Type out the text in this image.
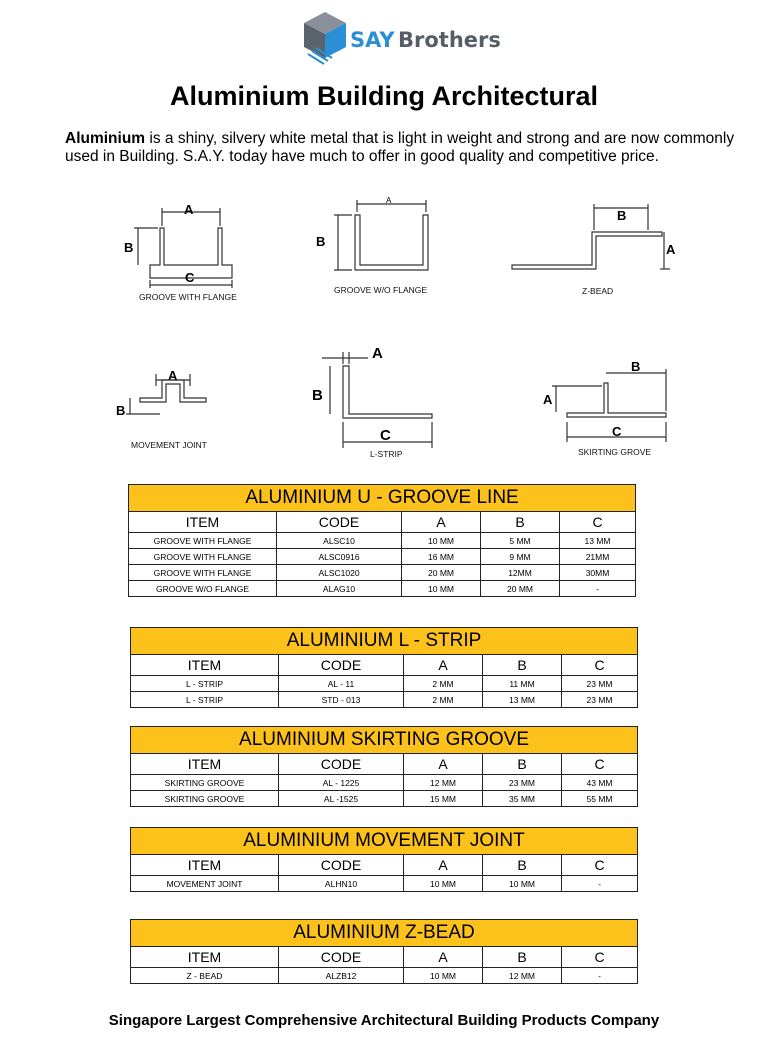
SAY Brothers
Aluminium Building Architectural

Aluminium is a shiny, silvery white metal that is light in weight and strong and are now commonly used in Building. S.A.Y. today have much to offer in good quality and competitive price.

A
B
C
A
B
B
A
A
B
A
B
C
B
A
C
GROOVE WITH FLANGE
GROOVE W/O FLANGE	Z-BEAD
MOVEMENT JOINT
L-STRIP	SKIRTING GROVE
ALUMINIUM U - GROOVE LINE				
ITEM	CODE	A	B	C
GROOVE WITH FLANGE	ALSC10	10 MM	5 MM	13 MM
GROOVE WITH FLANGE	ALSC0916	16 MM	9 MM	21MM
GROOVE WITH FLANGE	ALSC1020	20 MM	12MM	30MM
GROOVE W/O FLANGE	ALAG10	10 MM	20 MM	-
ALUMINIUM L - STRIP				
ITEM	CODE	A	B	C
L - STRIP	AL - 11	2 MM	11 MM	23 MM
L - STRIP	STD - 013	2 MM	13 MM	23 MM
ALUMINIUM SKIRTING GROOVE				
ITEM	CODE	A	B	C
SKIRTING GROOVE	AL - 1225	12 MM	23 MM	43 MM
SKIRTING GROOVE	AL -1525	15 MM	35 MM	55 MM
ALUMINIUM MOVEMENT JOINT				
ITEM	CODE	A	B	C
MOVEMENT JOINT	ALHN10	10 MM	10 MM	-
ALUMINIUM Z-BEAD				
ITEM	CODE	A	B	C
Z - BEAD	ALZB12	10 MM	12 MM	-
Singapore Largest Comprehensive Architectural Building Products Company
